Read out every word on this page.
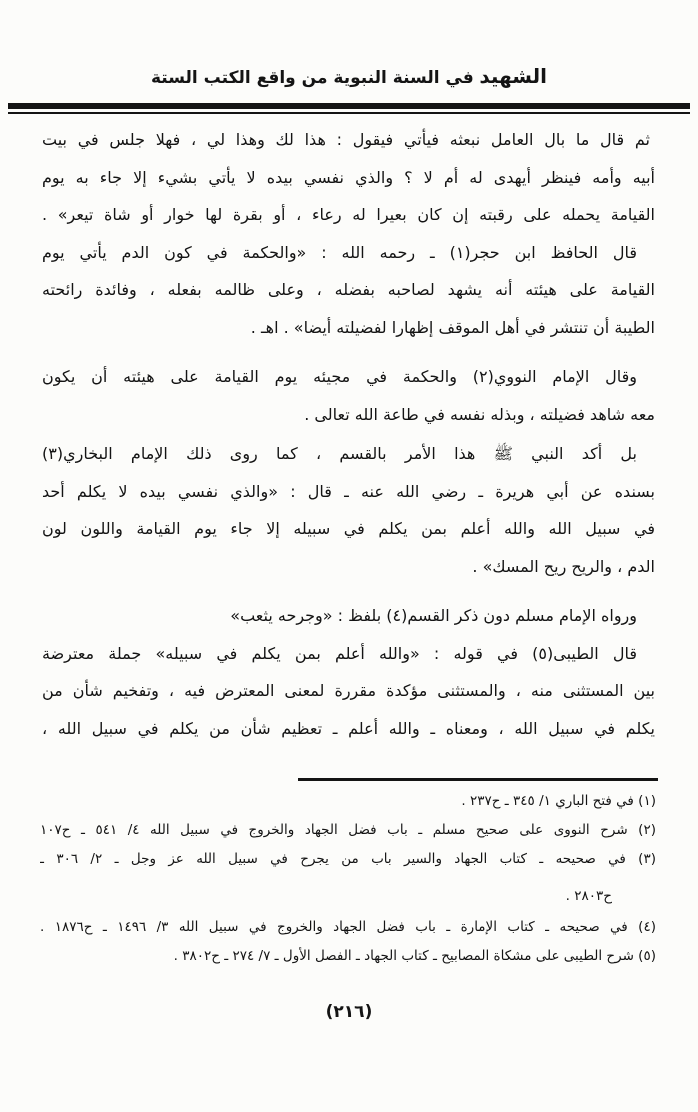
الشهيد في السنة النبوية من واقع الكتب الستة
ثم قال ما بال العامل نبعثه فيأتي فيقول : هذا لك وهذا لي ، فهلا جلس في بيت
أبيه وأمه فينظر أيهدى له أم لا ؟ والذي نفسي بيده لا يأتي بشيء إلا جاء به يوم
القيامة يحمله على رقبته إن كان بعيرا له رعاء ، أو بقرة لها خوار أو شاة تيعر» .
قال الحافظ ابن حجر(١) ـ رحمه الله : «والحكمة في كون الدم يأتي يوم
القيامة على هيئته أنه يشهد لصاحبه بفضله ، وعلى ظالمه بفعله ، وفائدة رائحته
الطيبة أن تنتشر في أهل الموقف إظهارا لفضيلته أيضا» . اهـ .
وقال الإمام النووي(٢) والحكمة في مجيئه يوم القيامة على هيئته أن يكون
معه شاهد فضيلته ، وبذله نفسه في طاعة الله تعالى .
بل أكد النبي ﷺ هذا الأمر بالقسم ، كما روى ذلك الإمام البخاري(٣)
بسنده عن أبي هريرة ـ رضي الله عنه ـ قال : «والذي نفسي بيده لا يكلم أحد
في سبيل الله والله أعلم بمن يكلم في سبيله إلا جاء يوم القيامة واللون لون
الدم ، والريح ريح المسك» .
ورواه الإمام مسلم دون ذكر القسم(٤) بلفظ : «وجرحه يثعب»
قال الطيبى(٥) في قوله : «والله أعلم بمن يكلم في سبيله» جملة معترضة
بين المستثنى منه ، والمستثنى مؤكدة مقررة لمعنى المعترض فيه ، وتفخيم شأن من
يكلم في سبيل الله ، ومعناه ـ والله أعلم ـ تعظيم شأن من يكلم في سبيل الله ،
(١) في فتح الباري ١/ ٣٤٥ ـ ح٢٣٧ .
(٢) شرح النووى على صحيح مسلم ـ باب فضل الجهاد والخروج في سبيل الله ٤/ ٥٤١ ـ ح١٠٧
(٣) في صحيحه ـ كتاب الجهاد والسير باب من يجرح في سبيل الله عز وجل ـ ٢/ ٣٠٦ ـ
ح٢٨٠٣ .
(٤) في صحيحه ـ كتاب الإمارة ـ باب فضل الجهاد والخروج في سبيل الله ٣/ ١٤٩٦ ـ ح١٨٧٦ .
(٥) شرح الطيبى على مشكاة المصابيح ـ كتاب الجهاد ـ الفصل الأول ـ ٧/ ٢٧٤ ـ ح٣٨٠٢ .
(٢١٦)
